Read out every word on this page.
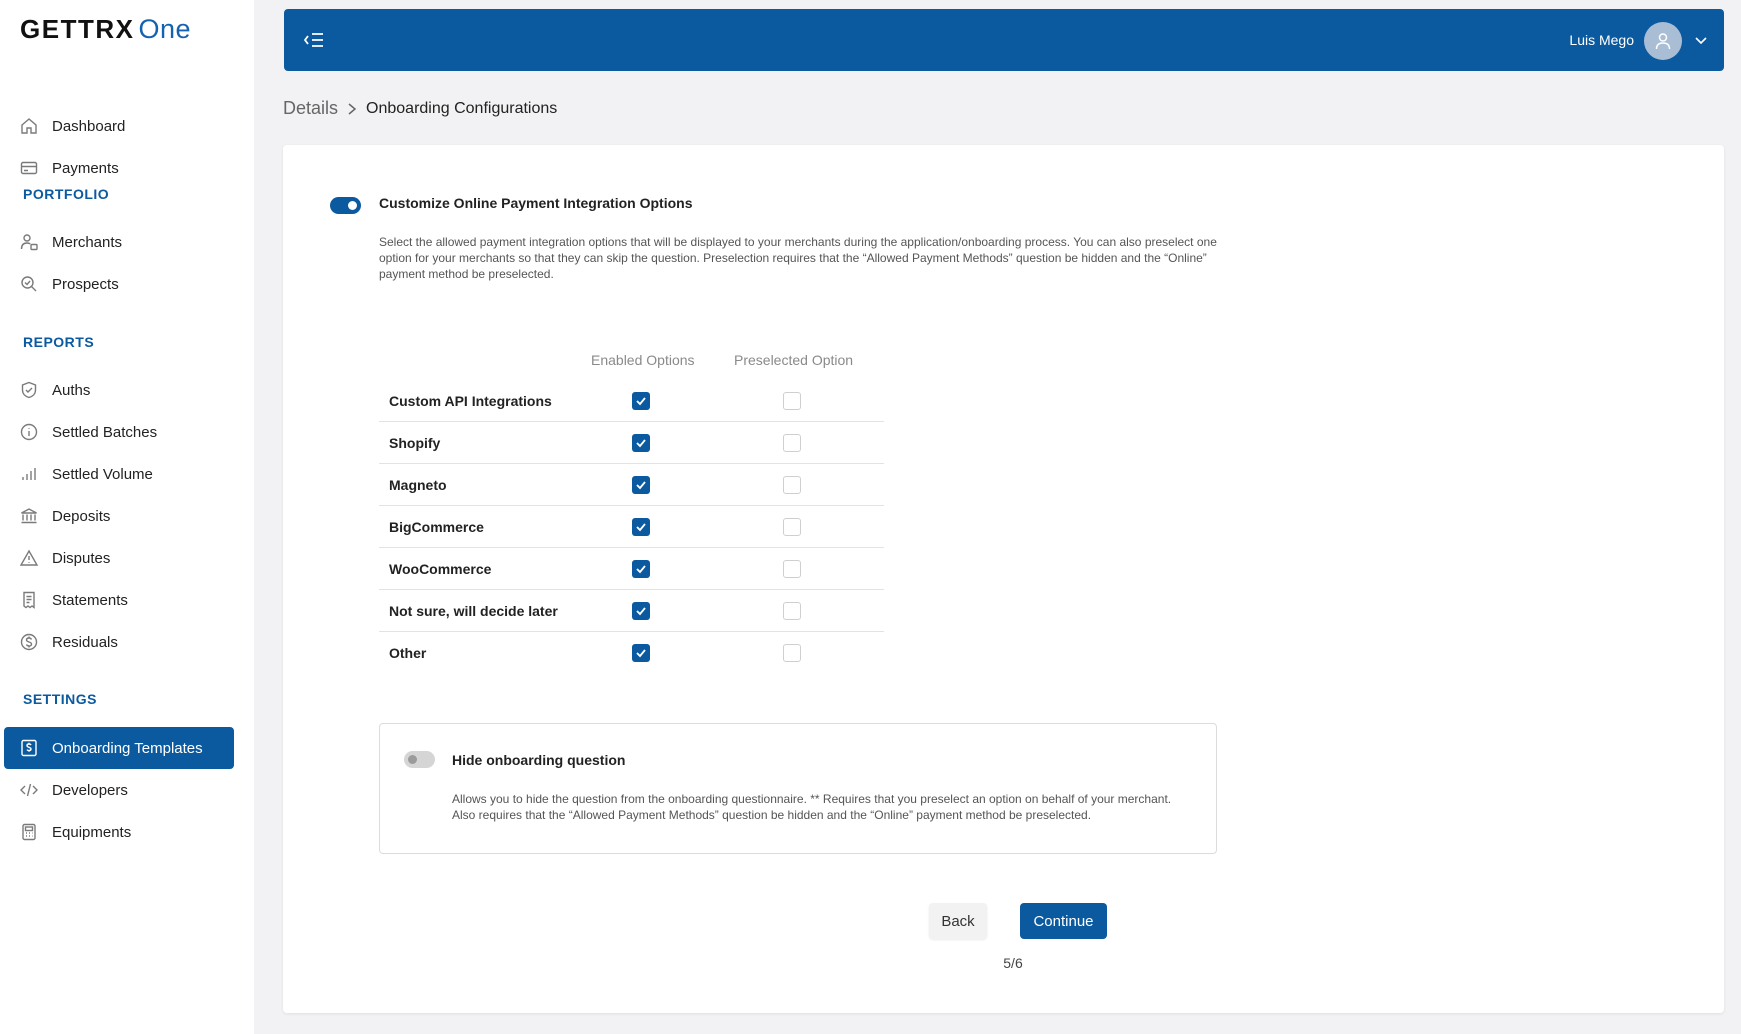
GETTRX One
Dashboard
Payments
PORTFOLIO
Merchants
Prospects
REPORTS
Auths
Settled Batches
Settled Volume
Deposits
Disputes
Statements
Residuals
SETTINGS
Onboarding Templates
Developers
Equipments
Luis Mego
Details Onboarding Configurations
Customize Online Payment Integration Options
Select the allowed payment integration options that will be displayed to your merchants during the application/onboarding process. You can also preselect one option for your merchants so that they can skip the question. Preselection requires that the “Allowed Payment Methods” question be hidden and the “Online” payment method be preselected.
Enabled Options	Preselected Option
Custom API Integrations
Shopify
Magneto
BigCommerce
WooCommerce
Not sure, will decide later
Other
Hide onboarding question
Allows you to hide the question from the onboarding questionnaire. ** Requires that you preselect an option on behalf of your merchant. Also requires that the “Allowed Payment Methods” question be hidden and the “Online” payment method be preselected.
Back	Continue
5/6
